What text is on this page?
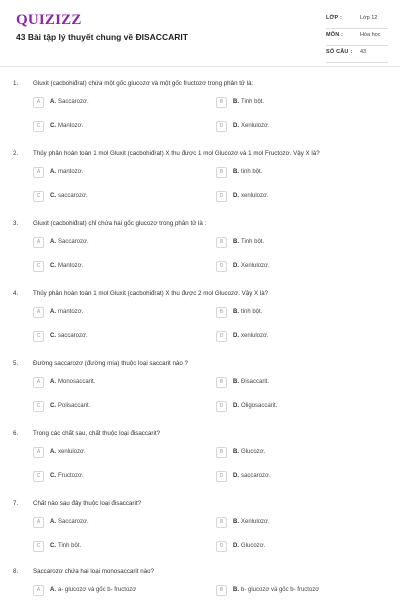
QUIZIZZ
43 Bài tập lý thuyết chung về ĐISACCARIT
LỚP :	Lớp 12
MÔN :	Hóa học
SỐ CÂU : 43
1. Gluxit (cacbohiđrat) chứa một gốc glucozơ và một gốc fructozơ trong phân tử là:
A	A. Saccarozơ.	B	B. Tinh bột.
C	C. Mantozơ.	D	D. Xenlulozơ.
2. Thủy phân hoàn toàn 1 mol Gluxit (cacbohiđrat) X thu được 1 mol Glucozơ và 1 mol Fructozơ. Vậy X là?
A	A. mantozơ.	B	B. tinh bột.
C	C. saccarozơ.	D	D. xenlulozơ.
3. Gluxit (cacbohiđrat) chỉ chứa hai gốc glucozơ trong phân tử là :
A	A. Saccarozơ.	B	B. Tinh bột.
C	C. Mantozơ.	D	D. Xenlulozơ.
4. Thủy phân hoàn toàn 1 mol Gluxit (cacbohiđrat) X thu được 2 mol Glucozơ. Vậy X là?
A	A. mantozơ.	B	B. tinh bột.
C	C. saccarozơ.	D	D. xenlulozơ.
5. Đường saccarozơ (đường mía) thuộc loại saccarit nào ?
A	A. Monosaccarit.	B	B. Đisaccarit.
C	C. Polisaccarit.	D	D. Oligosaccarit.
6. Trong các chất sau, chất thuộc loại đisaccarit?
A	A. xenlulozơ.	B	B. Glucozơ.
C	C. Fructozơ.	D	D. saccarozơ.
7. Chất nào sau đây thuộc loại đisaccarit?
A	A. Saccarozơ.	B	B. Xenlulozơ.
C	C. Tinh bột.	D	D. Glucozơ.
8. Saccarozơ chứa hai loại monosaccarit nào?
A	A. a- glucozơ và gốc b- fructozơ	B	B. b- glucozơ và gốc b- fructozơ
